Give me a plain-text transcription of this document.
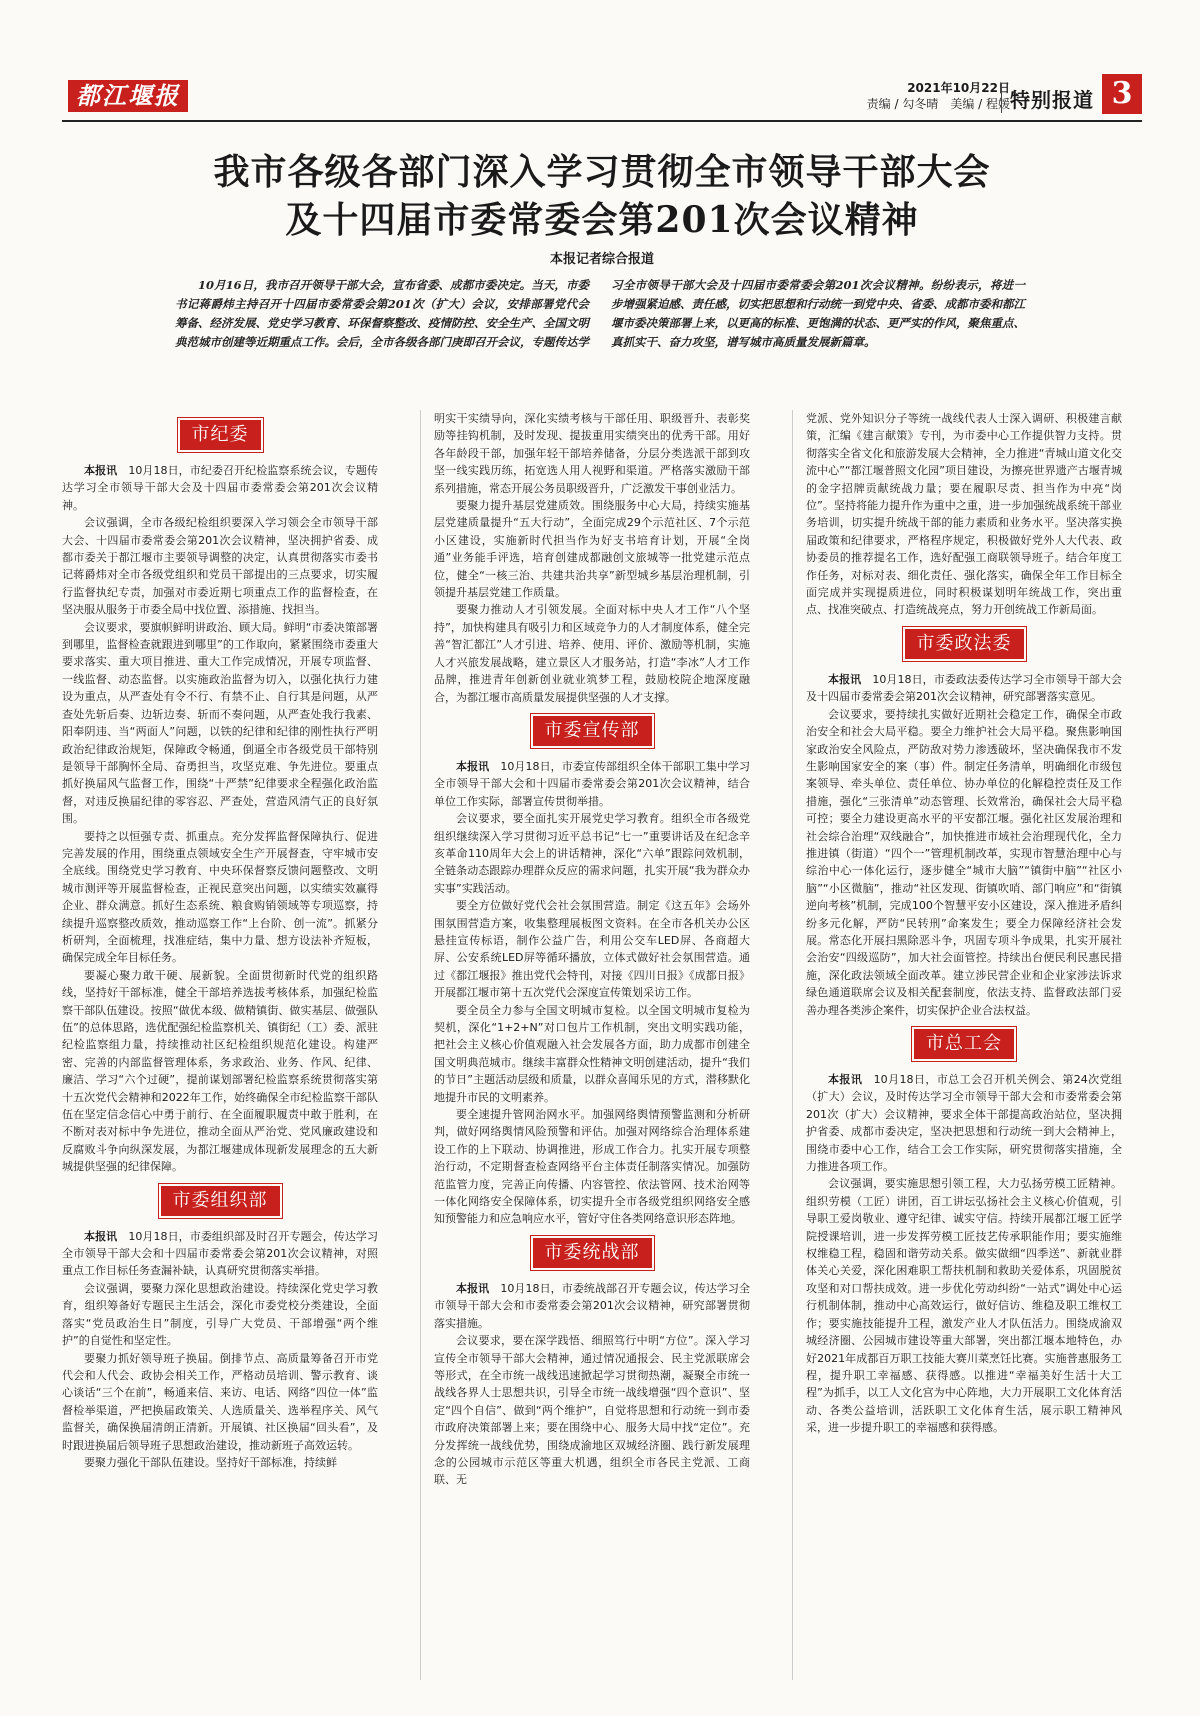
都江堰报	2021年10月22日
责编 / 勾冬晴　美编 / 程媛 特别报道 3
我市各级各部门深入学习贯彻全市领导干部大会
及十四届市委常委会第201次会议精神
本报记者综合报道

10月16日，我市召开领导干部大会，宣布省委、成都市委决定。当天，市委书记蒋爵炜主持召开十四届市委常委会第201次（扩大）会议，安排部署党代会筹备、经济发展、党史学习教育、环保督察整改、疫情防控、安全生产、全国文明典范城市创建等近期重点工作。会后，全市各级各部门庚即召开会议，专题传达学习全市领导干部大会及十四届市委常委会第201次会议精神。纷纷表示，将进一步增强紧迫感、责任感，切实把思想和行动统一到党中央、省委、成都市委和都江堰市委决策部署上来，以更高的标准、更饱满的状态、更严实的作风，聚焦重点、真抓实干、奋力攻坚，谱写城市高质量发展新篇章。

市纪委

本报讯　 10月18日，市纪委召开纪检监察系统会议，专题传达学习全市领导干部大会及十四届市委常委会第201次会议精神。

会议强调，全市各级纪检组织要深入学习领会全市领导干部大会、十四届市委常委会第201次会议精神，坚决拥护省委、成都市委关于都江堰市主要领导调整的决定，认真贯彻落实市委书记蒋爵炜对全市各级党组织和党员干部提出的三点要求，切实履行监督执纪专责，加强对市委近期七项重点工作的监督检查，在坚决服从服务于市委全局中找位置、添措施、找担当。

会议要求，要旗帜鲜明讲政治、顾大局。鲜明“市委决策部署到哪里，监督检查就跟进到哪里”的工作取向，紧紧围绕市委重大要求落实、重大项目推进、重大工作完成情况，开展专项监督、一线监督、动态监督。以实施政治监督为切入，以强化执行力建设为重点，从严查处有令不行、有禁不止、自行其是问题，从严查处先斩后奏、边斩边奏、斩而不奏问题，从严查处我行我素、阳奉阴违、当“两面人”问题，以铁的纪律和纪律的刚性执行严明政治纪律政治规矩，保障政令畅通，倒逼全市各级党员干部特别是领导干部胸怀全局、奋勇担当，攻坚克难、争先进位。要重点抓好换届风气监督工作，围绕“十严禁”纪律要求全程强化政治监督，对违反换届纪律的零容忍、严查处，营造风清气正的良好氛围。

要持之以恒强专责、抓重点。充分发挥监督保障执行、促进完善发展的作用，围绕重点领域安全生产开展督查，守牢城市安全底线。围绕党史学习教育、中央环保督察反馈问题整改、文明城市测评等开展监督检查，正视民意突出问题，以实绩实效赢得企业、群众满意。抓好生态系统、粮食购销领域等专项巡察，持续提升巡察整改质效，推动巡察工作“上台阶、创一流”。抓紧分析研判，全面梳理，找准症结，集中力量、想方设法补齐短板，确保完成全年目标任务。

要凝心聚力敢干硬、展新貌。全面贯彻新时代党的组织路线，坚持好干部标准，健全干部培养选拔考核体系，加强纪检监察干部队伍建设。按照“做优本级、做精镇街、做实基层、做强队伍”的总体思路，选优配强纪检监察机关、镇街纪（工）委、派驻纪检监察组力量，持续推动社区纪检组织规范化建设。构建严密、完善的内部监督管理体系，务求政治、业务、作风、纪律、廉洁、学习“六个过硬”，提前谋划部署纪检监察系统贯彻落实第十五次党代会精神和2022年工作，始终确保全市纪检监察干部队伍在坚定信念信心中勇于前行、在全面履职履责中敢于胜利，在不断对表对标中争先进位，推动全面从严治党、党风廉政建设和反腐败斗争向纵深发展，为都江堰建成体现新发展理念的五大新城提供坚强的纪律保障。

市委组织部

本报讯　 10月18日，市委组织部及时召开专题会，传达学习全市领导干部大会和十四届市委常委会第201次会议精神，对照重点工作目标任务查漏补缺，认真研究贯彻落实举措。

会议强调，要聚力深化思想政治建设。持续深化党史学习教育，组织筹备好专题民主生活会，深化市委党校分类建设，全面落实“党员政治生日”制度，引导广大党员、干部增强“两个维护”的自觉性和坚定性。

要聚力抓好领导班子换届。倒排节点、高质量筹备召开市党代会和人代会、政协会相关工作，严格动员培训、警示教育、谈心谈话“三个在前”，畅通来信、来访、电话、网络“四位一体”监督检举渠道，严把换届政策关、人选质量关、选举程序关、风气监督关，确保换届清朗正清新。开展镇、社区换届“回头看”，及时跟进换届后领导班子思想政治建设，推动新班子高效运转。

要聚力强化干部队伍建设。坚持好干部标准，持续鲜

明实干实绩导向，深化实绩考核与干部任用、职级晋升、表彰奖励等挂钩机制，及时发现、提拔重用实绩突出的优秀干部。用好各年龄段干部，加强年轻干部培养储备，分层分类选派干部到攻坚一线实践历练，拓宽选人用人视野和渠道。严格落实激励干部系列措施，常态开展公务员职级晋升，广泛激发干事创业活力。

要聚力提升基层党建质效。围绕服务中心大局，持续实施基层党建质量提升“五大行动”，全面完成29个示范社区、7个示范小区建设，实施新时代担当作为好支书培育计划，开展“全岗通”业务能手评选，培育创建成都融创文旅城等一批党建示范点位，健全“一核三治、共建共治共享”新型城乡基层治理机制，引领提升基层党建工作质量。

要聚力推动人才引领发展。全面对标中央人才工作“八个坚持”，加快构建具有吸引力和区域竞争力的人才制度体系，健全完善“智汇都江”人才引进、培养、使用、评价、激励等机制，实施人才兴旅发展战略，建立景区人才服务站，打造“李冰”人才工作品牌，推进青年创新创业就业筑梦工程，鼓励校院企地深度融合，为都江堰市高质量发展提供坚强的人才支撑。

市委宣传部

本报讯　 10月18日，市委宣传部组织全体干部职工集中学习全市领导干部大会和十四届市委常委会第201次会议精神，结合单位工作实际，部署宣传贯彻举措。

会议要求，要全面扎实开展党史学习教育。组织全市各级党组织继续深入学习贯彻习近平总书记“七一”重要讲话及在纪念辛亥革命110周年大会上的讲话精神，深化“六单”跟踪问效机制，全链条动态跟踪办理群众反应的需求问题，扎实开展“我为群众办实事”实践活动。

要全方位做好党代会社会氛围营造。制定《这五年》会场外围氛围营造方案，收集整理展板图文资料。在全市各机关办公区悬挂宣传标语，制作公益广告，利用公交车LED屏、各商超大屏、公安系统LED屏等循环播放，立体式做好社会氛围营造。通过《都江堰报》推出党代会特刊，对接《四川日报》《成都日报》开展都江堰市第十五次党代会深度宣传策划采访工作。

要全员全力参与全国文明城市复检。以全国文明城市复检为契机，深化“1+2+N”对口包片工作机制，突出文明实践功能，把社会主义核心价值观融入社会发展各方面，助力成都市创建全国文明典范城市。继续丰富群众性精神文明创建活动，提升“我们的节日”主题活动层级和质量，以群众喜闻乐见的方式，潜移默化地提升市民的文明素养。

要全速提升管网治网水平。加强网络舆情预警监测和分析研判，做好网络舆情风险预警和评估。加强对网络综合治理体系建设工作的上下联动、协调推进，形成工作合力。扎实开展专项整治行动，不定期督查检查网络平台主体责任制落实情况。加强防范监管力度，完善正向传播、内容管控、依法管网、技术治网等一体化网络安全保障体系，切实提升全市各级党组织网络安全感知预警能力和应急响应水平，管好守住各类网络意识形态阵地。

市委统战部

本报讯　 10月18日，市委统战部召开专题会议，传达学习全市领导干部大会和市委常委会第201次会议精神，研究部署贯彻落实措施。

会议要求，要在深学践悟、细照笃行中明“方位”。深入学习宣传全市领导干部大会精神，通过情况通报会、民主党派联席会等形式，在全市统一战线迅速掀起学习贯彻热潮，凝聚全市统一战线各界人士思想共识，引导全市统一战线增强“四个意识”、坚定“四个自信”、做到“两个维护”，自觉将思想和行动统一到市委市政府决策部署上来；要在围绕中心、服务大局中找“定位”。充分发挥统一战线优势，围绕成渝地区双城经济圈、践行新发展理念的公园城市示范区等重大机遇，组织全市各民主党派、工商联、无

党派、党外知识分子等统一战线代表人士深入调研、积极建言献策，汇编《建言献策》专刊，为市委中心工作提供智力支持。贯彻落实全省文化和旅游发展大会精神，全力推进“青城山道文化交流中心”“都江堰普照文化园”项目建设，为擦亮世界遗产古堰青城的金字招牌贡献统战力量；要在履职尽责、担当作为中亮“岗位”。坚持将能力提升作为重中之重，进一步加强统战系统干部业务培训，切实提升统战干部的能力素质和业务水平。坚决落实换届政策和纪律要求，严格程序规定，积极做好党外人大代表、政协委员的推荐提名工作，选好配强工商联领导班子。结合年度工作任务，对标对表、细化责任、强化落实，确保全年工作目标全面完成并实现提质进位，同时积极谋划明年统战工作，突出重点、找准突破点、打造统战亮点，努力开创统战工作新局面。

市委政法委

本报讯　 10月18日，市委政法委传达学习全市领导干部大会及十四届市委常委会第201次会议精神，研究部署落实意见。

会议要求，要持续扎实做好近期社会稳定工作，确保全市政治安全和社会大局平稳。要全力维护社会大局平稳。聚焦影响国家政治安全风险点，严防敌对势力渗透破坏，坚决确保我市不发生影响国家安全的案（事）件。制定任务清单，明确细化市级包案领导、牵头单位、责任单位、协办单位的化解稳控责任及工作措施，强化“三张清单”动态管理、长效常治，确保社会大局平稳可控；要全力建设更高水平的平安都江堰。强化社区发展治理和社会综合治理“双线融合”，加快推进市域社会治理现代化，全力推进镇（街道）“四个一”管理机制改革，实现市智慧治理中心与综治中心一体化运行，逐步健全“城市大脑”“镇街中脑”“社区小脑”“小区微脑”，推动“社区发现、街镇吹哨、部门响应”和“街镇逆向考核”机制，完成100个智慧平安小区建设，深入推进矛盾纠纷多元化解，严防“民转刑”命案发生；要全力保障经济社会发展。常态化开展扫黑除恶斗争，巩固专项斗争成果，扎实开展社会治安“四级巡防”，加大社会面管控。持续出台便民利民惠民措施，深化政法领域全面改革。建立涉民营企业和企业家涉法诉求绿色通道联席会议及相关配套制度，依法支持、监督政法部门妥善办理各类涉企案件，切实保护企业合法权益。

市总工会

本报讯　 10月18日，市总工会召开机关例会、第24次党组（扩大）会议，及时传达学习全市领导干部大会和市委常委会第201次（扩大）会议精神，要求全体干部提高政治站位，坚决拥护省委、成都市委决定，坚决把思想和行动统一到大会精神上，围绕市委中心工作，结合工会工作实际，研究贯彻落实措施，全力推进各项工作。

会议强调，要实施思想引领工程，大力弘扬劳模工匠精神。组织劳模（工匠）讲团，百工讲坛弘扬社会主义核心价值观，引导职工爱岗敬业、遵守纪律、诚实守信。持续开展都江堰工匠学院授课培训，进一步发挥劳模工匠技艺传承职能作用；要实施维权维稳工程，稳固和谐劳动关系。做实做细“四季送”、新就业群体关心关爱，深化困难职工帮扶机制和救助关爱体系，巩固脱贫攻坚和对口帮扶成效。进一步优化劳动纠纷“一站式”调处中心运行机制体制，推动中心高效运行，做好信访、维稳及职工维权工作；要实施技能提升工程，激发产业人才队伍活力。围绕成渝双城经济圈、公园城市建设等重大部署，突出都江堰本地特色，办好2021年成都百万职工技能大赛川菜烹饪比赛。实施普惠服务工程，提升职工幸福感、获得感。以推进“幸福美好生活十大工程”为抓手，以工人文化宫为中心阵地，大力开展职工文化体育活动、各类公益培训，活跃职工文化体育生活，展示职工精神风采，进一步提升职工的幸福感和获得感。
